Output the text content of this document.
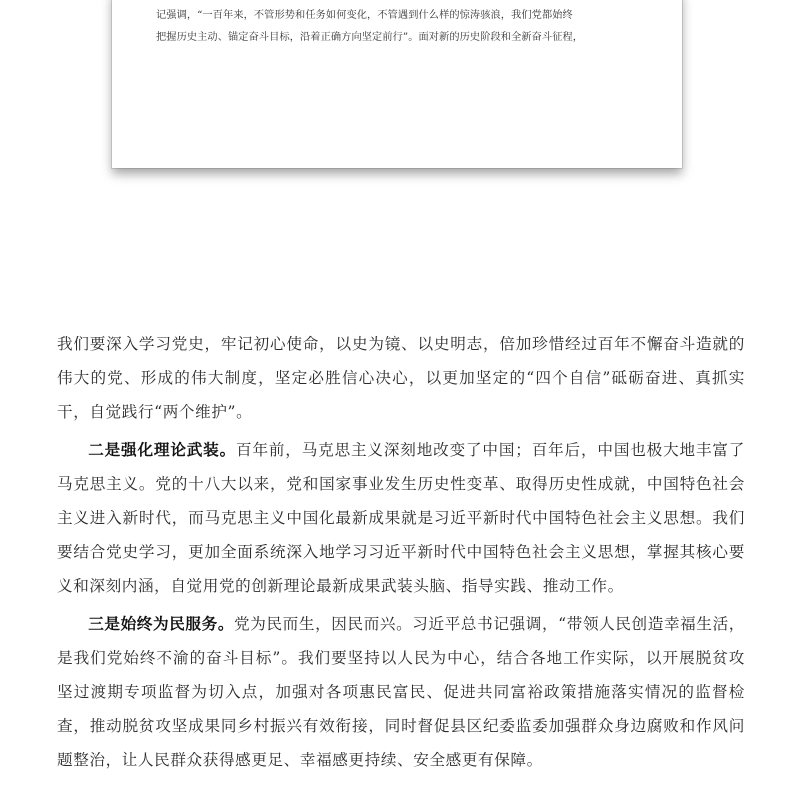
记强调，“一百年来，不管形势和任务如何变化，不管遇到什么样的惊涛骇浪，我们党都始终
把握历史主动、锚定奋斗目标，沿着正确方向坚定前行”。面对新的历史阶段和全新奋斗征程，

我们要深入学习党史，牢记初心使命，以史为镜、以史明志，倍加珍惜经过百年不懈奋斗造就的伟大的党、形成的伟大制度，坚定必胜信心决心，以更加坚定的“四个自信”砥砺奋进、真抓实干，自觉践行“两个维护”。

二是强化理论武装。百年前，马克思主义深刻地改变了中国；百年后，中国也极大地丰富了马克思主义。党的十八大以来，党和国家事业发生历史性变革、取得历史性成就，中国特色社会主义进入新时代，而马克思主义中国化最新成果就是习近平新时代中国特色社会主义思想。我们要结合党史学习，更加全面系统深入地学习习近平新时代中国特色社会主义思想，掌握其核心要义和深刻内涵，自觉用党的创新理论最新成果武装头脑、指导实践、推动工作。

三是始终为民服务。党为民而生，因民而兴。习近平总书记强调，“带领人民创造幸福生活，是我们党始终不渝的奋斗目标”。我们要坚持以人民为中心，结合各地工作实际，以开展脱贫攻坚过渡期专项监督为切入点，加强对各项惠民富民、促进共同富裕政策措施落实情况的监督检查，推动脱贫攻坚成果同乡村振兴有效衔接，同时督促县区纪委监委加强群众身边腐败和作风问题整治，让人民群众获得感更足、幸福感更持续、安全感更有保障。
